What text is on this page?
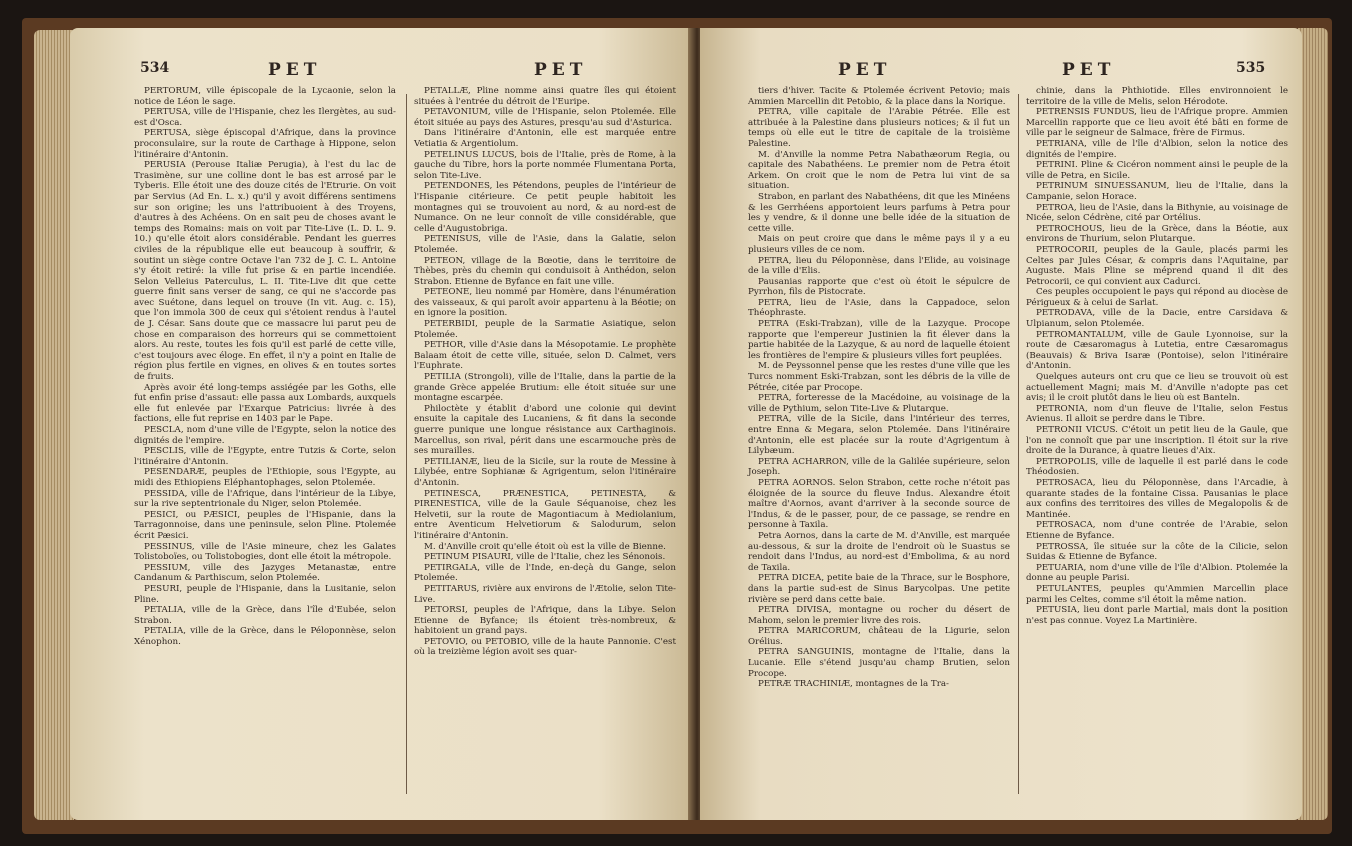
534	PET	PET

PERTORUM, ville épiscopale de la Lycaonie, selon la notice de Léon le sage.

PERTUSA, ville de l'Hispanie, chez les Ilergètes, au sud-est d'Osca.

PERTUSA, siège épiscopal d'Afrique, dans la province proconsulaire, sur la route de Carthage à Hippone, selon l'itinéraire d'Antonin.

PERUSIA (Perouse Italiæ Perugia), à l'est du lac de Trasimène, sur une colline dont le bas est arrosé par le Tyberis. Elle étoit une des douze cités de l'Etrurie. On voit par Servius (Ad En. L. x.) qu'il y avoit différens sentimens sur son origine; les uns l'attribuoient à des Troyens, d'autres à des Achéens. On en sait peu de choses avant le temps des Romains: mais on voit par Tite-Live (L. D. L. 9. 10.) qu'elle étoit alors considérable. Pendant les guerres civiles de la république elle eut beaucoup à souffrir, & soutint un siège contre Octave l'an 732 de J. C. L. Antoine s'y étoit retiré: la ville fut prise & en partie incendiée. Selon Velleius Paterculus, L. II. Tite-Live dit que cette guerre finit sans verser de sang, ce qui ne s'accorde pas avec Suétone, dans lequel on trouve (In vit. Aug. c. 15), que l'on immola 300 de ceux qui s'étoient rendus à l'autel de J. César. Sans doute que ce massacre lui parut peu de chose en comparaison des horreurs qui se commettoient alors. Au reste, toutes les fois qu'il est parlé de cette ville, c'est toujours avec éloge. En effet, il n'y a point en Italie de région plus fertile en vignes, en olives & en toutes sortes de fruits.

Après avoir été long-temps assiégée par les Goths, elle fut enfin prise d'assaut: elle passa aux Lombards, auxquels elle fut enlevée par l'Exarque Patricius: livrée à des factions, elle fut reprise en 1403 par le Pape.

PESCLA, nom d'une ville de l'Egypte, selon la notice des dignités de l'empire.

PESCLIS, ville de l'Egypte, entre Tutzis & Corte, selon l'itinéraire d'Antonin.

PESENDARÆ, peuples de l'Ethiopie, sous l'Egypte, au midi des Ethiopiens Eléphantophages, selon Ptolemée.

PESSIDA, ville de l'Afrique, dans l'intérieur de la Libye, sur la rive septentrionale du Niger, selon Ptolemée.

PESICI, ou PÆSICI, peuples de l'Hispanie, dans la Tarragonnoise, dans une peninsule, selon Pline. Ptolemée écrit Pæsici.

PESSINUS, ville de l'Asie mineure, chez les Galates Tolistoboïes, ou Tolistobogies, dont elle étoit la métropole.

PESSIUM, ville des Jazyges Metanastæ, entre Candanum & Parthiscum, selon Ptolemée.

PESURI, peuple de l'Hispanie, dans la Lusitanie, selon Pline.

PETALIA, ville de la Grèce, dans l'île d'Eubée, selon Strabon.

PETALIA, ville de la Grèce, dans le Péloponnèse, selon Xénophon.

PETALLÆ, Pline nomme ainsi quatre îles qui étoient situées à l'entrée du détroit de l'Euripe.

PETAVONIUM, ville de l'Hispanie, selon Ptolemée. Elle étoit située au pays des Astures, presqu'au sud d'Asturica.

Dans l'itinéraire d'Antonin, elle est marquée entre Vetiatia & Argentiolum.

PETELINUS LUCUS, bois de l'Italie, près de Rome, à la gauche du Tibre, hors la porte nommée Flumentana Porta, selon Tite-Live.

PETENDONES, les Pétendons, peuples de l'intérieur de l'Hispanie citérieure. Ce petit peuple habitoit les montagnes qui se trouvoient au nord, & au nord-est de Numance. On ne leur connoît de ville considérable, que celle d'Augustobriga.

PETENISUS, ville de l'Asie, dans la Galatie, selon Ptolemée.

PETEON, village de la Bœotie, dans le territoire de Thèbes, près du chemin qui conduisoit à Anthédon, selon Strabon. Etienne de Byfance en fait une ville.

PETEONE, lieu nommé par Homère, dans l'énumération des vaisseaux, & qui paroît avoir appartenu à la Béotie; on en ignore la position.

PETERBIDI, peuple de la Sarmatie Asiatique, selon Ptolemée.

PETHOR, ville d'Asie dans la Mésopotamie. Le prophète Balaam étoit de cette ville, située, selon D. Calmet, vers l'Euphrate.

PETILIA (Strongoli), ville de l'Italie, dans la partie de la grande Grèce appelée Brutium: elle étoit située sur une montagne escarpée.

Philoctète y établit d'abord une colonie qui devint ensuite la capitale des Lucaniens, & fit dans la seconde guerre punique une longue résistance aux Carthaginois. Marcellus, son rival, périt dans une escarmouche près de ses murailles.

PETILIANÆ, lieu de la Sicile, sur la route de Messine à Lilybée, entre Sophianæ & Agrigentum, selon l'itinéraire d'Antonin.

PETINESCA, PRÆNESTICA, PETINESTA, & PIRENESTICA, ville de la Gaule Séquanoise, chez les Helvetii, sur la route de Magontiacum à Mediolanium, entre Aventicum Helvetiorum & Salodurum, selon l'itinéraire d'Antonin.

M. d'Anville croit qu'elle étoit où est la ville de Bienne.

PETINUM PISAURI, ville de l'Italie, chez les Sénonois.

PETIRGALA, ville de l'Inde, en-deçà du Gange, selon Ptolemée.

PETITARUS, rivière aux environs de l'Ætolie, selon Tite-Live.

PETORSI, peuples de l'Afrique, dans la Libye. Selon Etienne de Byfance; ils étoient très-nombreux, & habitoient un grand pays.

PETOVIO, ou PETOBIO, ville de la haute Pannonie. C'est où la treizième légion avoit ses quar-

PET	PET	535

tiers d'hiver. Tacite & Ptolemée écrivent Petovio; mais Ammien Marcellin dit Petobio, & la place dans la Norique.

PETRA, ville capitale de l'Arabie Pétrée. Elle est attribuée à la Palestine dans plusieurs notices; & il fut un temps où elle eut le titre de capitale de la troisième Palestine.

M. d'Anville la nomme Petra Nabathæorum Regia, ou capitale des Nabathéens. Le premier nom de Petra étoit Arkem. On croit que le nom de Petra lui vint de sa situation.

Strabon, en parlant des Nabathéens, dit que les Minéens & les Gerrhéens apportoient leurs parfums à Petra pour les y vendre, & il donne une belle idée de la situation de cette ville.

Mais on peut croire que dans le même pays il y a eu plusieurs villes de ce nom.

PETRA, lieu du Péloponnèse, dans l'Elide, au voisinage de la ville d'Elis.

Pausanias rapporte que c'est où étoit le sépulcre de Pyrrhon, fils de Pistocrate.

PETRA, lieu de l'Asie, dans la Cappadoce, selon Théophraste.

PETRA (Eski-Trabzan), ville de la Lazyque. Procope rapporte que l'empereur Justinien la fit élever dans la partie habitée de la Lazyque, & au nord de laquelle étoient les frontières de l'empire & plusieurs villes fort peuplées.

M. de Peyssonnel pense que les restes d'une ville que les Turcs nomment Eski-Trabzan, sont les débris de la ville de Pétrée, citée par Procope.

PETRA, forteresse de la Macédoine, au voisinage de la ville de Pythium, selon Tite-Live & Plutarque.

PETRA, ville de la Sicile, dans l'intérieur des terres, entre Enna & Megara, selon Ptolemée. Dans l'itinéraire d'Antonin, elle est placée sur la route d'Agrigentum à Lilybæum.

PETRA ACHARRON, ville de la Galilée supérieure, selon Joseph.

PETRA AORNOS. Selon Strabon, cette roche n'étoit pas éloignée de la source du fleuve Indus. Alexandre étoit maître d'Aornos, avant d'arriver à la seconde source de l'Indus, & de le passer, pour, de ce passage, se rendre en personne à Taxila.

Petra Aornos, dans la carte de M. d'Anville, est marquée au-dessous, & sur la droite de l'endroit où le Suastus se rendoit dans l'Indus, au nord-est d'Embolima, & au nord de Taxila.

PETRA DICEA, petite baie de la Thrace, sur le Bosphore, dans la partie sud-est de Sinus Barycolpas. Une petite rivière se perd dans cette baie.

PETRA DIVISA, montagne ou rocher du désert de Mahom, selon le premier livre des rois.

PETRA MARICORUM, château de la Ligurie, selon Orélius.

PETRA SANGUINIS, montagne de l'Italie, dans la Lucanie. Elle s'étend jusqu'au champ Brutien, selon Procope.

PETRÆ TRACHINIÆ, montagnes de la Tra-

chinie, dans la Phthiotide. Elles environnoient le territoire de la ville de Melis, selon Hérodote.

PETRENSIS FUNDUS, lieu de l'Afrique propre. Ammien Marcellin rapporte que ce lieu avoit été bâti en forme de ville par le seigneur de Salmace, frère de Firmus.

PETRIANA, ville de l'île d'Albion, selon la notice des dignités de l'empire.

PETRINI. Pline & Cicéron nomment ainsi le peuple de la ville de Petra, en Sicile.

PETRINUM SINUESSANUM, lieu de l'Italie, dans la Campanie, selon Horace.

PETROA, lieu de l'Asie, dans la Bithynie, au voisinage de Nicée, selon Cédrène, cité par Ortélius.

PETROCHOUS, lieu de la Grèce, dans la Béotie, aux environs de Thurium, selon Plutarque.

PETROCORII, peuples de la Gaule, placés parmi les Celtes par Jules César, & compris dans l'Aquitaine, par Auguste. Mais Pline se méprend quand il dit des Petrocorii, ce qui convient aux Cadurci.

Ces peuples occupoient le pays qui répond au diocèse de Périgueux & à celui de Sarlat.

PETRODAVA, ville de la Dacie, entre Carsidava & Ulpianum, selon Ptolemée.

PETROMANTALUM, ville de Gaule Lyonnoise, sur la route de Cæsaromagus à Lutetia, entre Cæsaromagus (Beauvais) & Briva Isaræ (Pontoise), selon l'itinéraire d'Antonin.

Quelques auteurs ont cru que ce lieu se trouvoit où est actuellement Magni; mais M. d'Anville n'adopte pas cet avis; il le croit plutôt dans le lieu où est Banteln.

PETRONIA, nom d'un fleuve de l'Italie, selon Festus Avienus. Il alloit se perdre dans le Tibre.

PETRONII VICUS. C'étoit un petit lieu de la Gaule, que l'on ne connoît que par une inscription. Il étoit sur la rive droite de la Durance, à quatre lieues d'Aix.

PETROPOLIS, ville de laquelle il est parlé dans le code Théodosien.

PETROSACA, lieu du Péloponnèse, dans l'Arcadie, à quarante stades de la fontaine Cissa. Pausanias le place aux confins des territoires des villes de Megalopolis & de Mantinée.

PETROSACA, nom d'une contrée de l'Arabie, selon Etienne de Byfance.

PETROSSA, île située sur la côte de la Cilicie, selon Suidas & Etienne de Byfance.

PETUARIA, nom d'une ville de l'île d'Albion. Ptolemée la donne au peuple Parisi.

PETULANTES, peuples qu'Ammien Marcellin place parmi les Celtes, comme s'il étoit la même nation.

PETUSIA, lieu dont parle Martial, mais dont la position n'est pas connue. Voyez La Martinière.
